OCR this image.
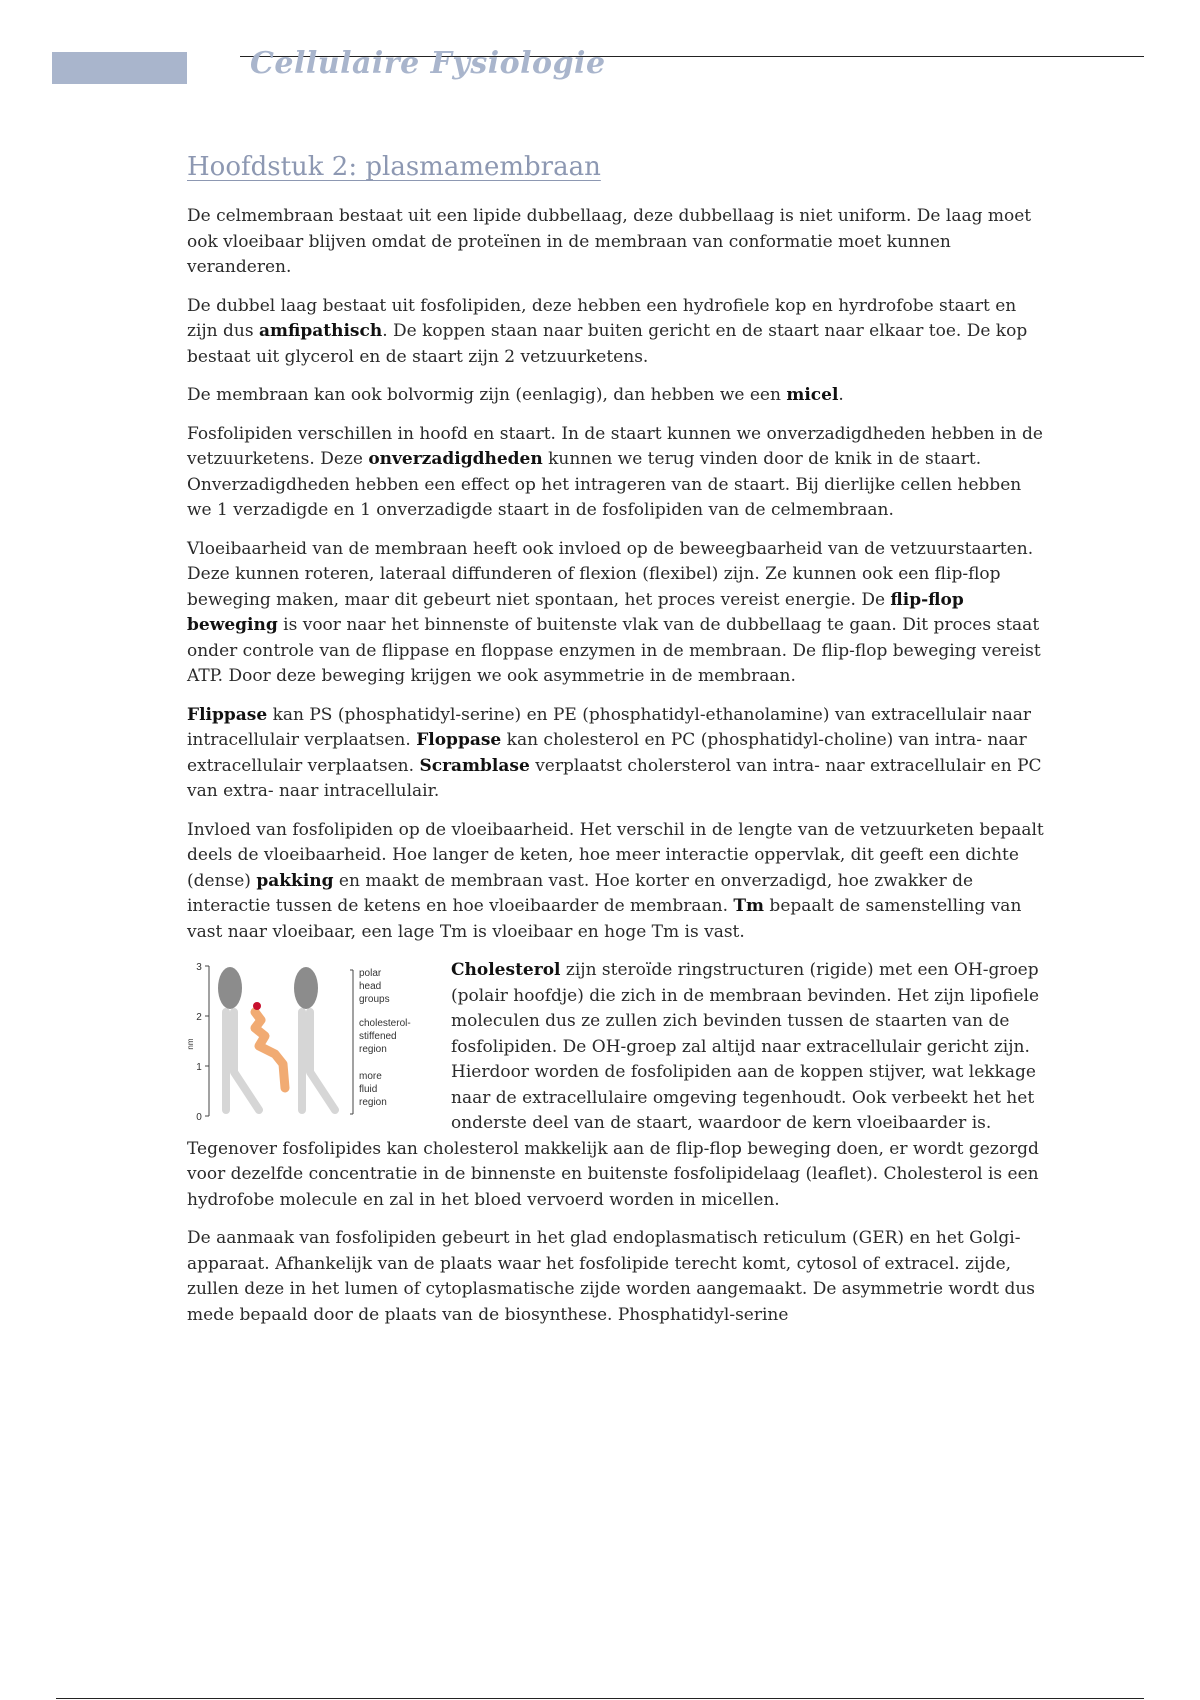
1	Cellulaire Fysiologie
Hoofdstuk 2: plasmamembraan

De celmembraan bestaat uit een lipide dubbellaag, deze dubbellaag is niet uniform. De laag moet ook vloeibaar blijven omdat de proteïnen in de membraan van conformatie moet kunnen veranderen.

De dubbel laag bestaat uit fosfolipiden, deze hebben een hydrofiele kop en hyrdrofobe staart en zijn dus amfipathisch. De koppen staan naar buiten gericht en de staart naar elkaar toe. De kop bestaat uit glycerol en de staart zijn 2 vetzuurketens.

De membraan kan ook bolvormig zijn (eenlagig), dan hebben we een micel.

Fosfolipiden verschillen in hoofd en staart. In de staart kunnen we onverzadigdheden hebben in de vetzuurketens. Deze onverzadigdheden kunnen we terug vinden door de knik in de staart. Onverzadigdheden hebben een effect op het intrageren van de staart. Bij dierlijke cellen hebben we 1 verzadigde en 1 onverzadigde staart in de fosfolipiden van de celmembraan.

Vloeibaarheid van de membraan heeft ook invloed op de beweegbaarheid van de vetzuurstaarten. Deze kunnen roteren, lateraal diffunderen of flexion (flexibel) zijn. Ze kunnen ook een flip-flop beweging maken, maar dit gebeurt niet spontaan, het proces vereist energie. De flip-flop beweging is voor naar het binnenste of buitenste vlak van de dubbellaag te gaan. Dit proces staat onder controle van de flippase en floppase enzymen in de membraan. De flip-flop beweging vereist ATP. Door deze beweging krijgen we ook asymmetrie in de membraan.

Flippase kan PS (phosphatidyl-serine) en PE (phosphatidyl-ethanolamine) van extracellulair naar intracellulair verplaatsen. Floppase kan cholesterol en PC (phosphatidyl-choline) van intra- naar extracellulair verplaatsen. Scramblase verplaatst cholersterol van intra- naar extracellulair en PC van extra- naar intracellulair.

Invloed van fosfolipiden op de vloeibaarheid. Het verschil in de lengte van de vetzuurketen bepaalt deels de vloeibaarheid. Hoe langer de keten, hoe meer interactie oppervlak, dit geeft een dichte (dense) pakking en maakt de membraan vast. Hoe korter en onverzadigd, hoe zwakker de interactie tussen de ketens en hoe vloeibaarder de membraan. Tm bepaalt de samenstelling van vast naar vloeibaar, een lage Tm is vloeibaar en hoge Tm is vast.

3
2
1
0
nm
polar
head
groups
cholesterol-
stiffened
region
more
fluid
region

Cholesterol zijn steroïde ringstructuren (rigide) met een OH-groep (polair hoofdje) die zich in de membraan bevinden. Het zijn lipofiele moleculen dus ze zullen zich bevinden tussen de staarten van de fosfolipiden. De OH-groep zal altijd naar extracellulair gericht zijn. Hierdoor worden de fosfolipiden aan de koppen stijver, wat lekkage naar de extracellulaire omgeving tegenhoudt. Ook verbeekt het het onderste deel van de staart, waardoor de kern vloeibaarder is. Tegenover fosfolipides kan cholesterol makkelijk aan de flip-flop beweging doen, er wordt gezorgd voor dezelfde concentratie in de binnenste en buitenste fosfolipidelaag (leaflet). Cholesterol is een hydrofobe molecule en zal in het bloed vervoerd worden in micellen.

De aanmaak van fosfolipiden gebeurt in het glad endoplasmatisch reticulum (GER) en het Golgi-apparaat. Afhankelijk van de plaats waar het fosfolipide terecht komt, cytosol of extracel. zijde, zullen deze in het lumen of cytoplasmatische zijde worden aangemaakt. De asymmetrie wordt dus mede bepaald door de plaats van de biosynthese. Phosphatidyl-serine
